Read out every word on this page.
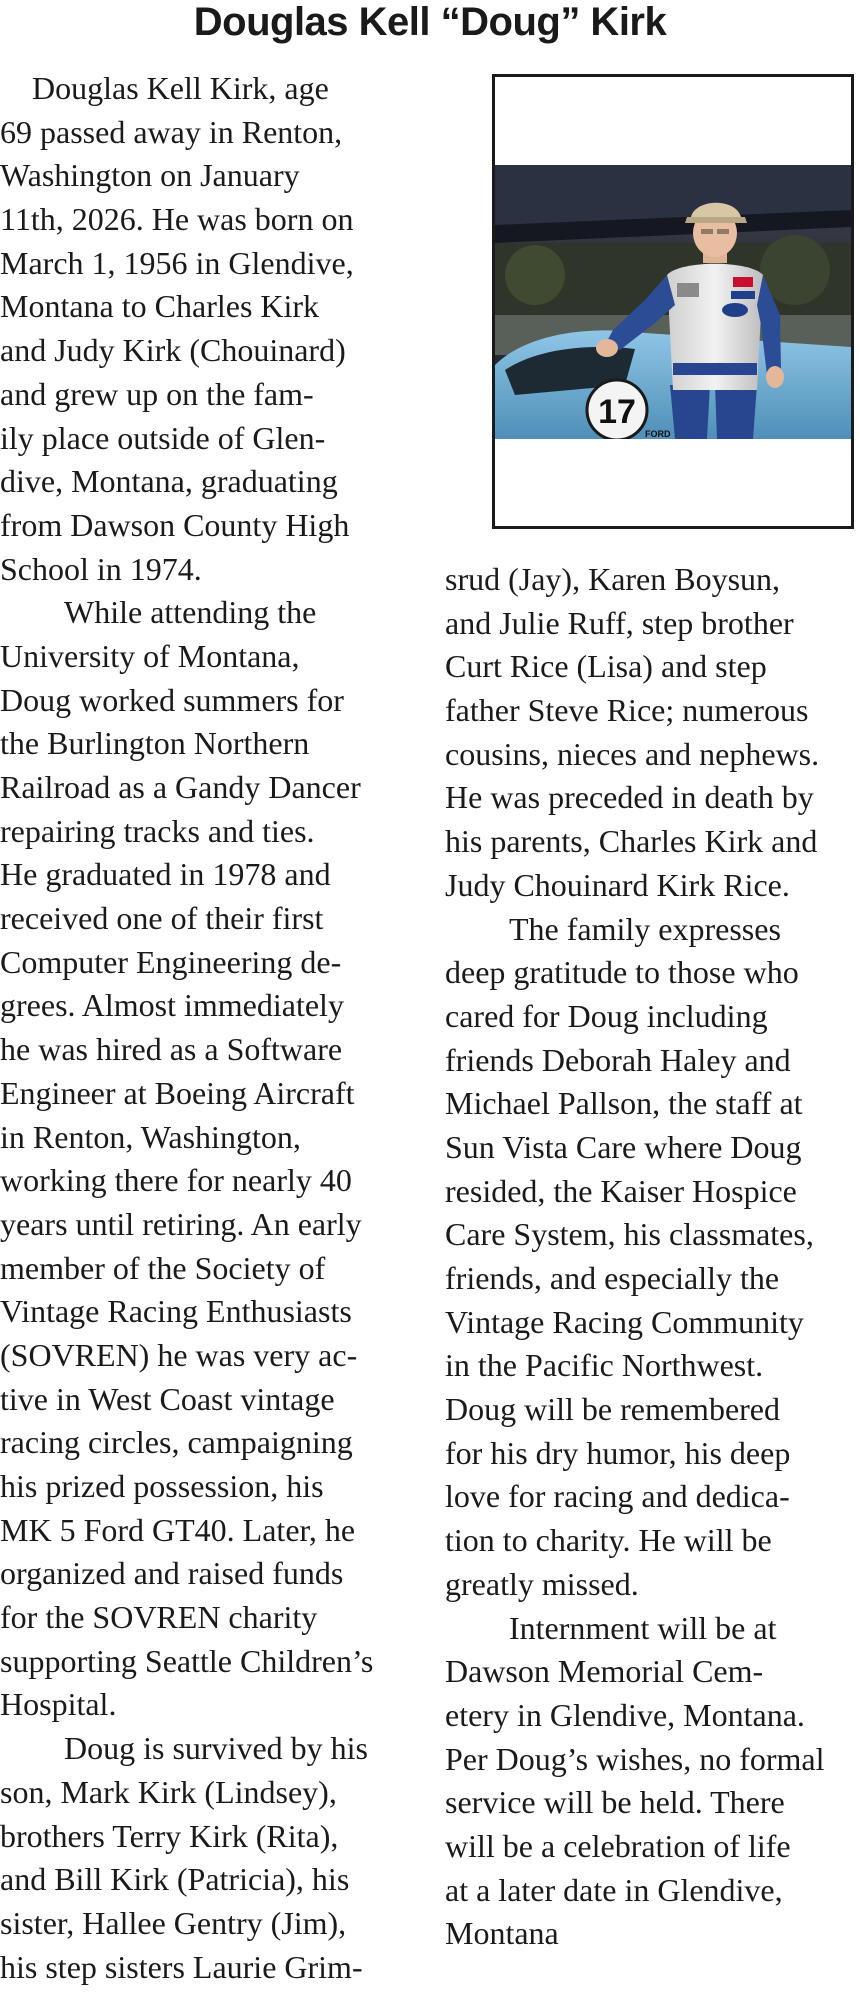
Douglas Kell “Doug” Kirk
 Douglas Kell Kirk, age
69 passed away in Renton,
Washington on January
11th, 2026. He was born on
March 1, 1956 in Glendive,
Montana to Charles Kirk
and Judy Kirk (Chouinard)
and grew up on the fam-
ily place outside of Glen-
dive, Montana, graduating
from Dawson County High
School in 1974.
  While attending the
University of Montana,
Doug worked summers for
the Burlington Northern
Railroad as a Gandy Dancer
repairing tracks and ties.
He graduated in 1978 and
received one of their first
Computer Engineering de-
grees. Almost immediately
he was hired as a Software
Engineer at Boeing Aircraft
in Renton, Washington,
working there for nearly 40
years until retiring. An early
member of the Society of
Vintage Racing Enthusiasts
(SOVREN) he was very ac-
tive in West Coast vintage
racing circles, campaigning
his prized possession, his
MK 5 Ford GT40. Later, he
organized and raised funds
for the SOVREN charity
supporting Seattle Children’s
Hospital.
  Doug is survived by his
son, Mark Kirk (Lindsey),
brothers Terry Kirk (Rita),
and Bill Kirk (Patricia), his
sister, Hallee Gentry (Jim),
his step sisters Laurie Grim-
17
FORD
srud (Jay), Karen Boysun,
and Julie Ruff, step brother
Curt Rice (Lisa) and step
father Steve Rice; numerous
cousins, nieces and nephews.
He was preceded in death by
his parents, Charles Kirk and
Judy Chouinard Kirk Rice.
  The family expresses
deep gratitude to those who
cared for Doug including
friends Deborah Haley and
Michael Pallson, the staff at
Sun Vista Care where Doug
resided, the Kaiser Hospice
Care System, his classmates,
friends, and especially the
Vintage Racing Community
in the Pacific Northwest.
Doug will be remembered
for his dry humor, his deep
love for racing and dedica-
tion to charity. He will be
greatly missed.
  Internment will be at
Dawson Memorial Cem-
etery in Glendive, Montana.
Per Doug’s wishes, no formal
service will be held. There
will be a celebration of life
at a later date in Glendive,
Montana
